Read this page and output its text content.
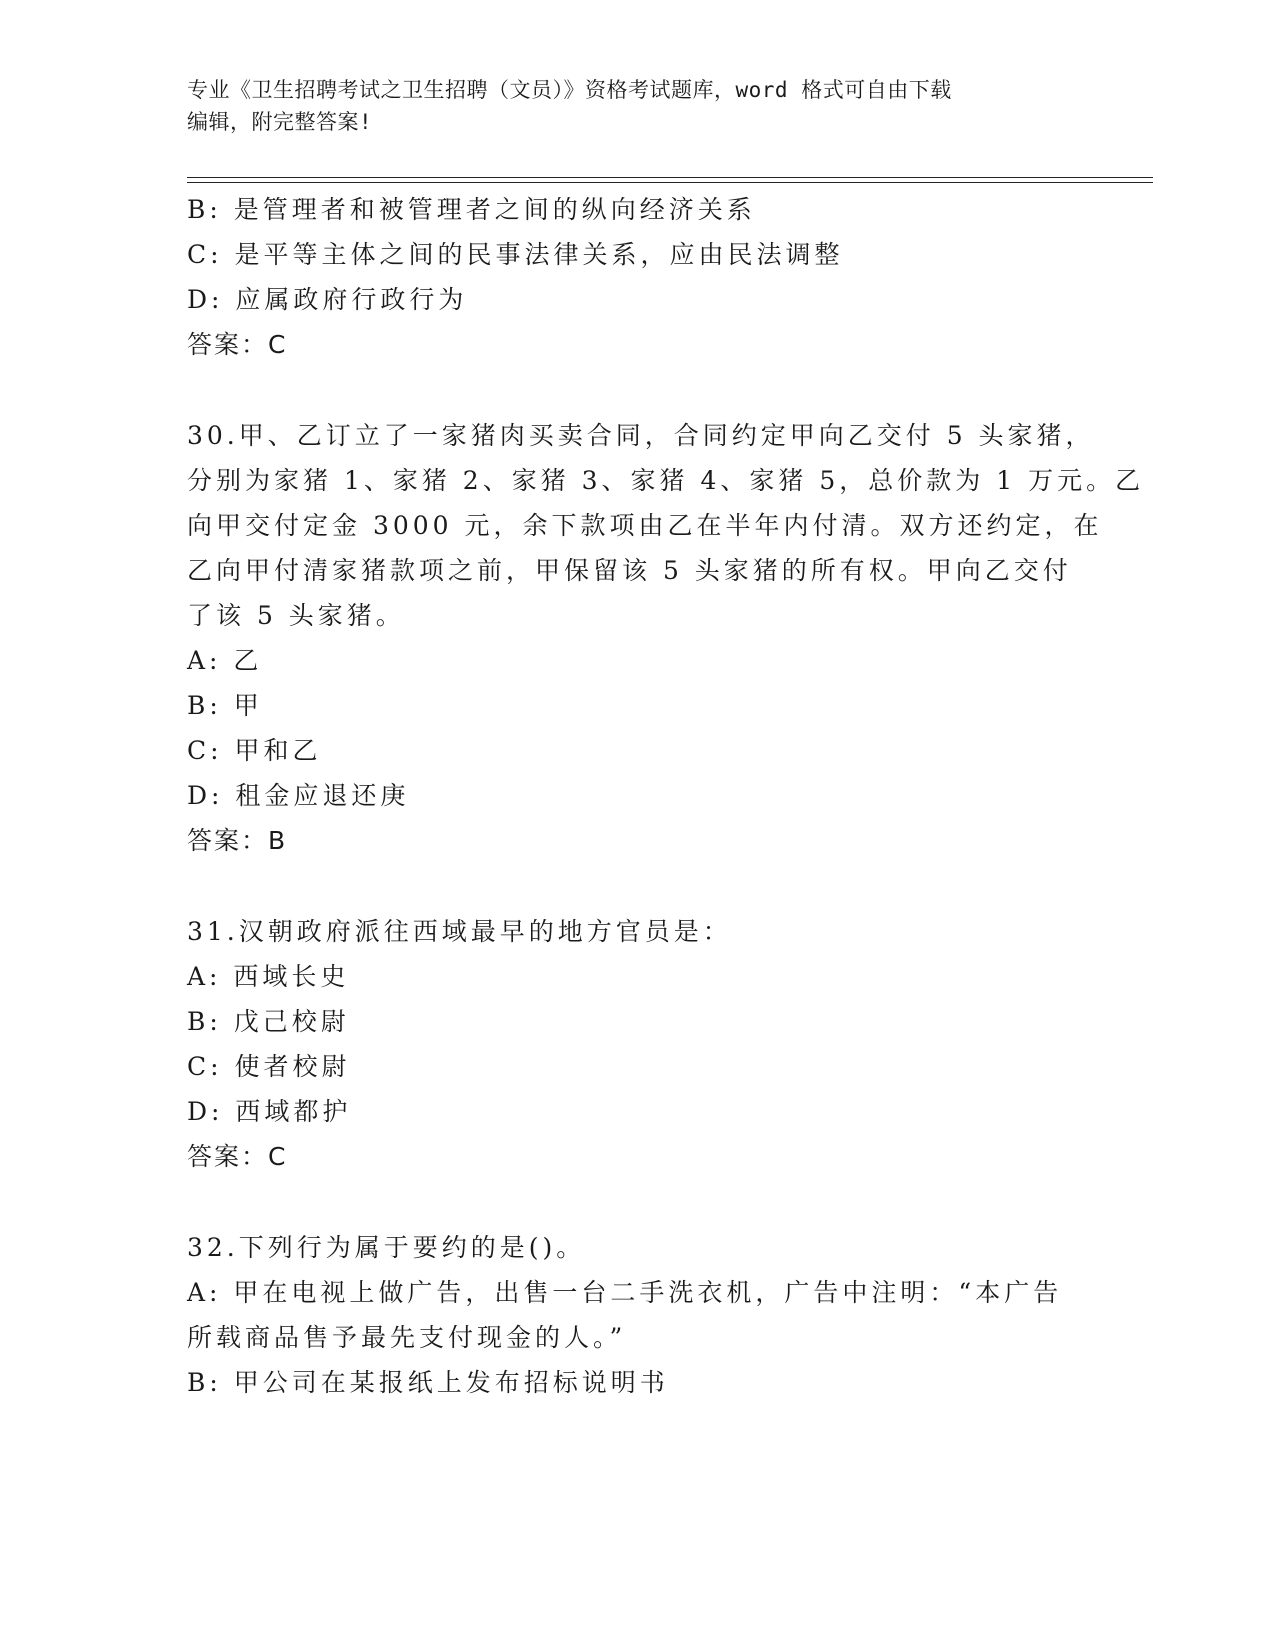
专业《卫生招聘考试之卫生招聘（文员）》资格考试题库，word 格式可自由下载
编辑，附完整答案!

B: 是管理者和被管理者之间的纵向经济关系

C: 是平等主体之间的民事法律关系，应由民法调整

D: 应属政府行政行为

答案：C

30.甲、乙订立了一家猪肉买卖合同，合同约定甲向乙交付 5 头家猪，

分别为家猪 1、家猪 2、家猪 3、家猪 4、家猪 5，总价款为 1 万元。乙

向甲交付定金 3000 元，余下款项由乙在半年内付清。双方还约定，在

乙向甲付清家猪款项之前，甲保留该 5 头家猪的所有权。甲向乙交付

了该 5 头家猪。

A: 乙

B: 甲

C: 甲和乙

D: 租金应退还庚

答案：B

31.汉朝政府派往西域最早的地方官员是：

A: 西域长史

B: 戊己校尉

C: 使者校尉

D: 西域都护

答案：C

32.下列行为属于要约的是()。

A: 甲在电视上做广告，出售一台二手洗衣机，广告中注明：“本广告

所载商品售予最先支付现金的人。”

B: 甲公司在某报纸上发布招标说明书
